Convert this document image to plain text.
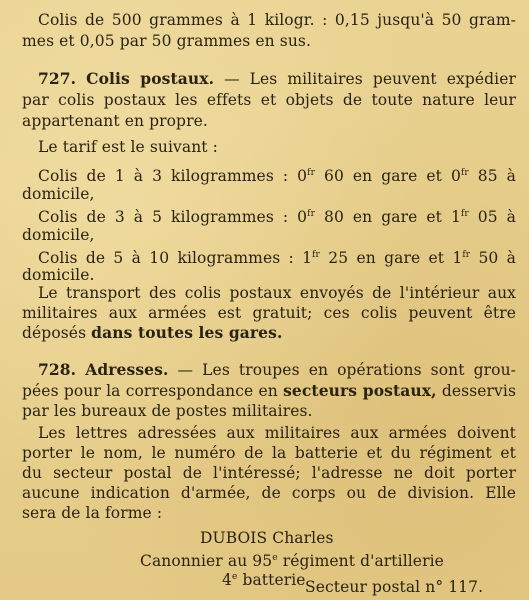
Colis de 500 grammes à 1 kilogr. : 0,15 jusqu'à 50 gram-
mes et 0,05 par 50 grammes en sus.
727. Colis postaux. — Les militaires peuvent expédier
par colis postaux les effets et objets de toute nature leur
appartenant en propre.
Le tarif est le suivant :
Colis de 1 à 3 kilogrammes : $0^{fr}$ 60 en gare et $0^{fr}$ 85 à
domicile,
Colis de 3 à 5 kilogrammes : $0^{fr}$ 80 en gare et $1^{fr}$ 05 à
domicile,
Colis de 5 à 10 kilogrammes : $1^{fr}$ 25 en gare et $1^{fr}$ 50 à
domicile.
Le transport des colis postaux envoyés de l'intérieur aux
militaires aux armées est gratuit; ces colis peuvent être
déposés dans toutes les gares.
728. Adresses. — Les troupes en opérations sont grou-
pées pour la correspondance en secteurs postaux, desservis
par les bureaux de postes militaires.
Les lettres adressées aux militaires aux armées doivent
porter le nom, le numéro de la batterie et du régiment et
du secteur postal de l'intéressé; l'adresse ne doit porter
aucune indication d'armée, de corps ou de division. Elle
sera de la forme :
DUBOIS Charles
Canonnier au 95e régiment d'artillerie
4e batterie Secteur postal n° 117.
